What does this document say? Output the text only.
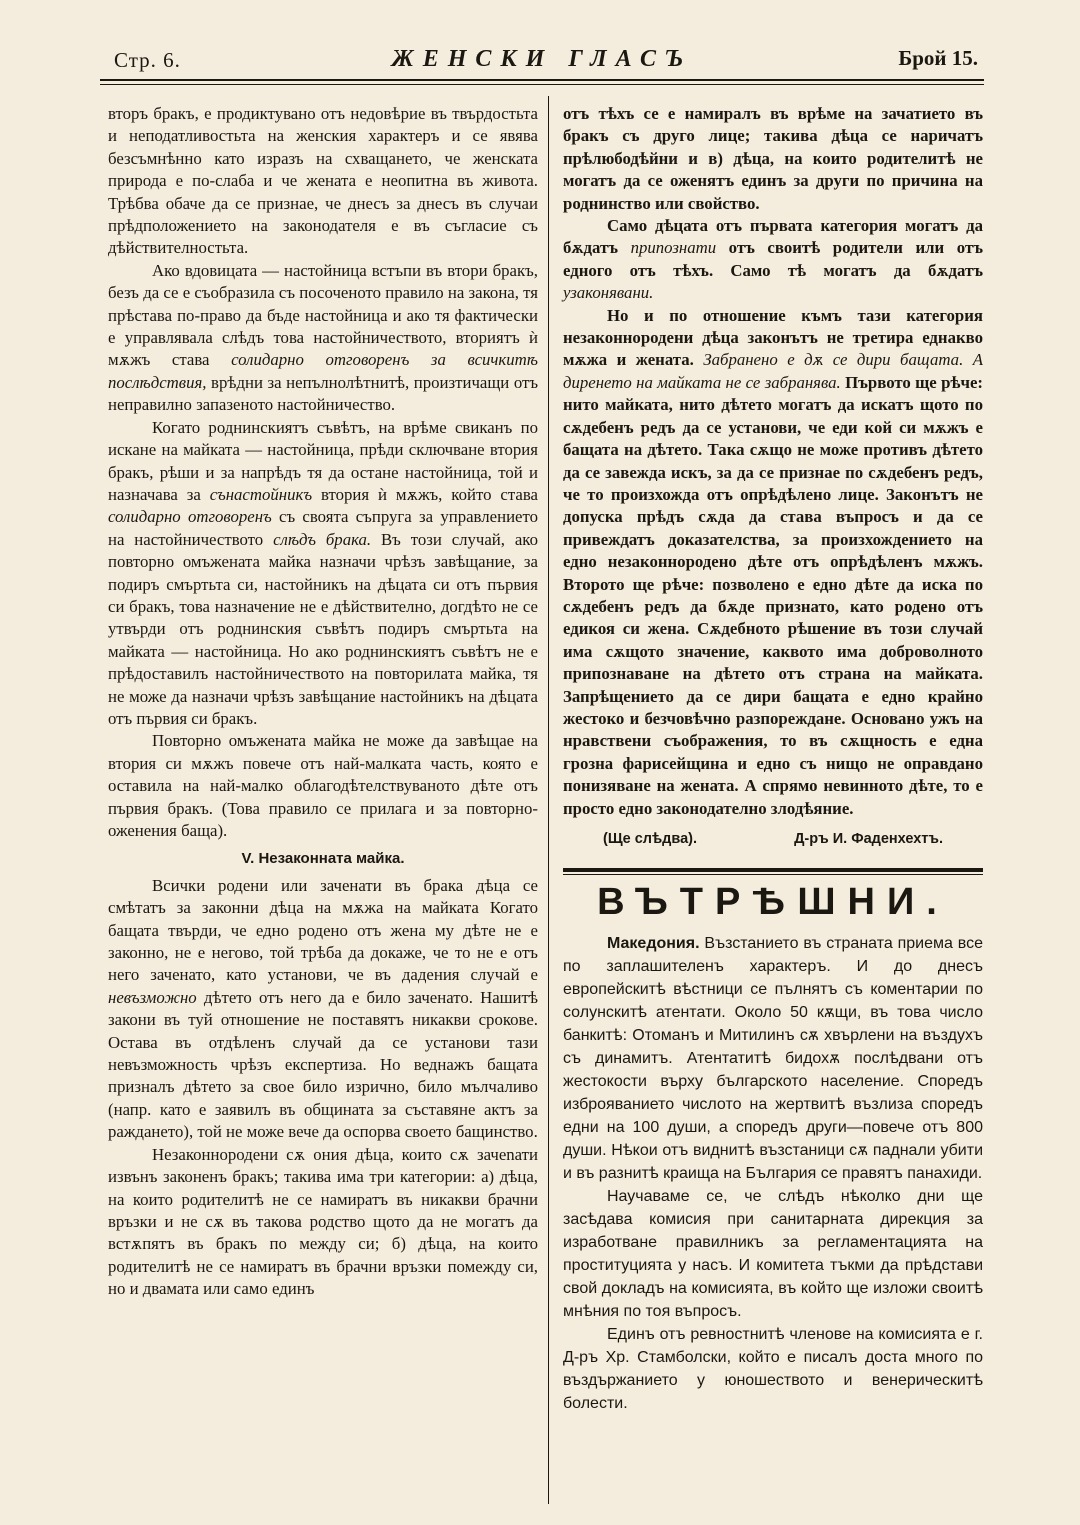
Стр. 6.	ЖЕНСКИ ГЛАСЪ	Брой 15.

вторъ бракъ, е продиктувано отъ недовѣрие въ твърдостьта и неподатливостьта на женския характеръ и се явява безсъмнѣнно като изразъ на схващането, че женската природа е по-слаба и че жената е неопитна въ живота. Трѣбва обаче да се признае, че днесъ за днесъ въ случаи прѣдположението на законодателя е въ съгласие съ дѣйствителностьта.

Ако вдовицата — настойница встъпи въ втори бракъ, безъ да се е съобразила съ посоченото правило на закона, тя прѣстава по-право да бъде настойница и ако тя фактически е управлявала слѣдъ това настойничеството, вториятъ ѝ мѫжъ става солидарно отговоренъ за всичкитѣ послѣдствия, врѣдни за непълнолѣтнитѣ, произтичащи отъ неправилно запазеното настойничество.

Когато роднинскиятъ съвѣтъ, на врѣме свиканъ по искане на майката — настойница, прѣди сключване втория бракъ, рѣши и за напрѣдъ тя да остане настойница, той и назначава за сънастойникъ втория ѝ мѫжъ, който става солидарно отговоренъ съ своята съпруга за управлението на настойничеството слѣдъ брака. Въ този случай, ако повторно омъжената майка назначи чрѣзъ завѣщание, за подиръ смъртьта си, настойникъ на дѣцата си отъ първия си бракъ, това назначение не е дѣйствително, догдѣто не се утвърди отъ роднинския съвѣтъ подиръ смъртьта на майката — настойница. Но ако роднинскиятъ съвѣтъ не е прѣдоставилъ настойничеството на повторилата майка, тя не може да назначи чрѣзъ завѣщание настойникъ на дѣцата отъ първия си бракъ.

Повторно омъжената майка не може да завѣщае на втория си мѫжъ повече отъ най-малката часть, която е оставила на най-малко облагодѣтелствуваното дѣте отъ първия бракъ. (Това правило се прилага и за повторно-оженения баща).

V. Незаконната майка.

Всички родени или заченати въ брака дѣца се смѣтатъ за законни дѣца на мѫжа на майката Когато бащата твърди, че едно родено отъ жена му дѣте не е законно, не е негово, той трѣба да докаже, че то не е отъ него заченато, като установи, че въ дадения случай е невъзможно дѣтето отъ него да е било заченато. Нашитѣ закони въ туй отношение не поставятъ никакви срокове. Остава въ отдѣленъ случай да се установи тази невъзможность чрѣзъ експертиза. Но веднажъ бащата призналъ дѣтето за свое било изрично, било мълчаливо (напр. като е заявилъ въ общината за съставяне актъ за раждането), той не може вече да оспорва своето бащинство.

Незаконнородени сѫ ония дѣца, които сѫ зачenати извънъ законенъ бракъ; такива има три категории: а) дѣца, на които родителитѣ не се намиратъ въ никакви брачни връзки и не сѫ въ такова родство щото да не могатъ да встѫпятъ въ бракъ по между си; б) дѣца, на които родителитѣ не се намиратъ въ брачни връзки помежду си, но и двамата или само единъ

отъ тѣхъ се е намиралъ въ врѣме на зачатието въ бракъ съ друго лице; такива дѣца се наричатъ прѣлюбодѣйни и в) дѣца, на които родителитѣ не могатъ да се оженятъ единъ за други по причина на роднинство или свойство.

Само дѣцата отъ първата категория могатъ да бѫдатъ припознати отъ своитѣ родители или отъ едного отъ тѣхъ. Само тѣ могатъ да бѫдатъ узаконявани.

Но и по отношение къмъ тази категория незаконнородени дѣца законътъ не третира еднакво мѫжа и жената. Забранено е дѫ се дири бащата. А диренето на майката не се забранява. Първото ще рѣче: нито майката, нито дѣтето могатъ да искатъ щото по сѫдебенъ редъ да се установи, че еди кой си мѫжъ е бащата на дѣтето. Така сѫщо не може противъ дѣтето да се завежда искъ, за да се признае по сѫдебенъ редъ, че то произхожда отъ опрѣдѣлено лице. Законътъ не допуска прѣдъ сѫда да става въпросъ и да се привеждатъ доказателства, за произхождението на едно незаконнородено дѣте отъ опрѣдѣленъ мѫжъ. Второто ще рѣче: позволено е едно дѣте да иска по сѫдебенъ редъ да бѫде признато, като родено отъ едикоя си жена. Сѫдебното рѣшение въ този случай има сѫщото значение, каквото има доброволното припознаване на дѣтето отъ страна на майката. Запрѣщението да се дири бащата е едно крайно жестоко и безчовѣчно разпореждане. Основано ужъ на нравствени съображения, то въ сѫщность е една грозна фарисейщина и едно съ нищо не оправдано понизяване на жената. А спрямо невинното дѣте, то е просто едно законодателно злодѣяние.

(Ще слѣдва).	Д-ръ И. Фаденхехтъ.
ВЪТРѢШНИ.

Македония. Възстанието въ страната приема все по заплашителенъ характеръ. И до днесъ европейскитѣ вѣстници се пълнятъ съ коментарии по солунскитѣ атентати. Около 50 кѫщи, въ това число банкитѣ: Отоманъ и Митилинъ сѫ хвърлени на въздухъ съ динамитъ. Атентатитѣ бидохѫ послѣдвани отъ жестокости върху българското население. Споредъ изброяванието числото на жертвитѣ възлиза споредъ едни на 100 души, а споредъ други—повече отъ 800 души. Нѣкои отъ виднитѣ възстаници сѫ паднали убити и въ разнитѣ краища на България се правятъ панахиди.

Научаваме се, че слѣдъ нѣколко дни ще засѣдава комисия при санитарната дирекция за изработване правилникъ за регламентацията на проституцията у насъ. И комитета тъкми да прѣдстави свой докладъ на комисията, въ който ще изложи своитѣ мнѣния по тоя въпросъ.

Единъ отъ ревностнитѣ членове на комисията е г. Д-ръ Хр. Стамболски, който е писалъ доста много по въздържанието у юношеството и венерическитѣ болести.
